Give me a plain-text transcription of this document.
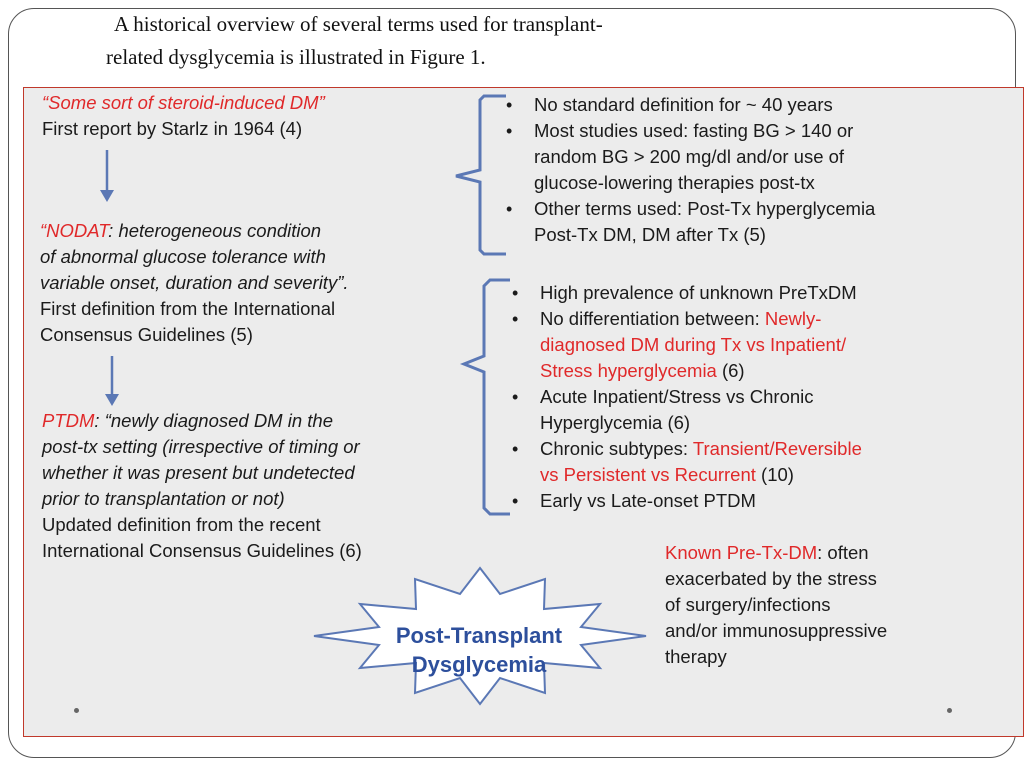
A historical overview of several terms used for transplant-
related dysglycemia is illustrated in Figure 1.
“Some sort of steroid-induced DM”
First report by Starlz in 1964 (4)
“NODAT: heterogeneous condition
of abnormal glucose tolerance with
variable onset, duration and severity”.
First definition from the International
Consensus Guidelines (5)
PTDM: “newly diagnosed DM in the
post-tx setting (irrespective of timing or
whether it was present but undetected
prior to transplantation or not)
Updated definition from the recent
International Consensus Guidelines (6)
• No standard definition for ~ 40 years
• Most studies used: fasting BG > 140 or
random BG > 200 mg/dl and/or use of
glucose-lowering therapies post-tx
• Other terms used: Post-Tx hyperglycemia
Post-Tx DM, DM after Tx (5)
• High prevalence of unknown PreTxDM
• No differentiation between: Newly-
diagnosed DM during Tx vs Inpatient/
Stress hyperglycemia (6)
• Acute Inpatient/Stress vs Chronic
Hyperglycemia (6)
• Chronic subtypes: Transient/Reversible
vs Persistent vs Recurrent (10)
• Early vs Late-onset PTDM
Known Pre-Tx-DM: often
exacerbated by the stress
of surgery/infections
and/or immunosuppressive
therapy
Post-Transplant
Dysglycemia
